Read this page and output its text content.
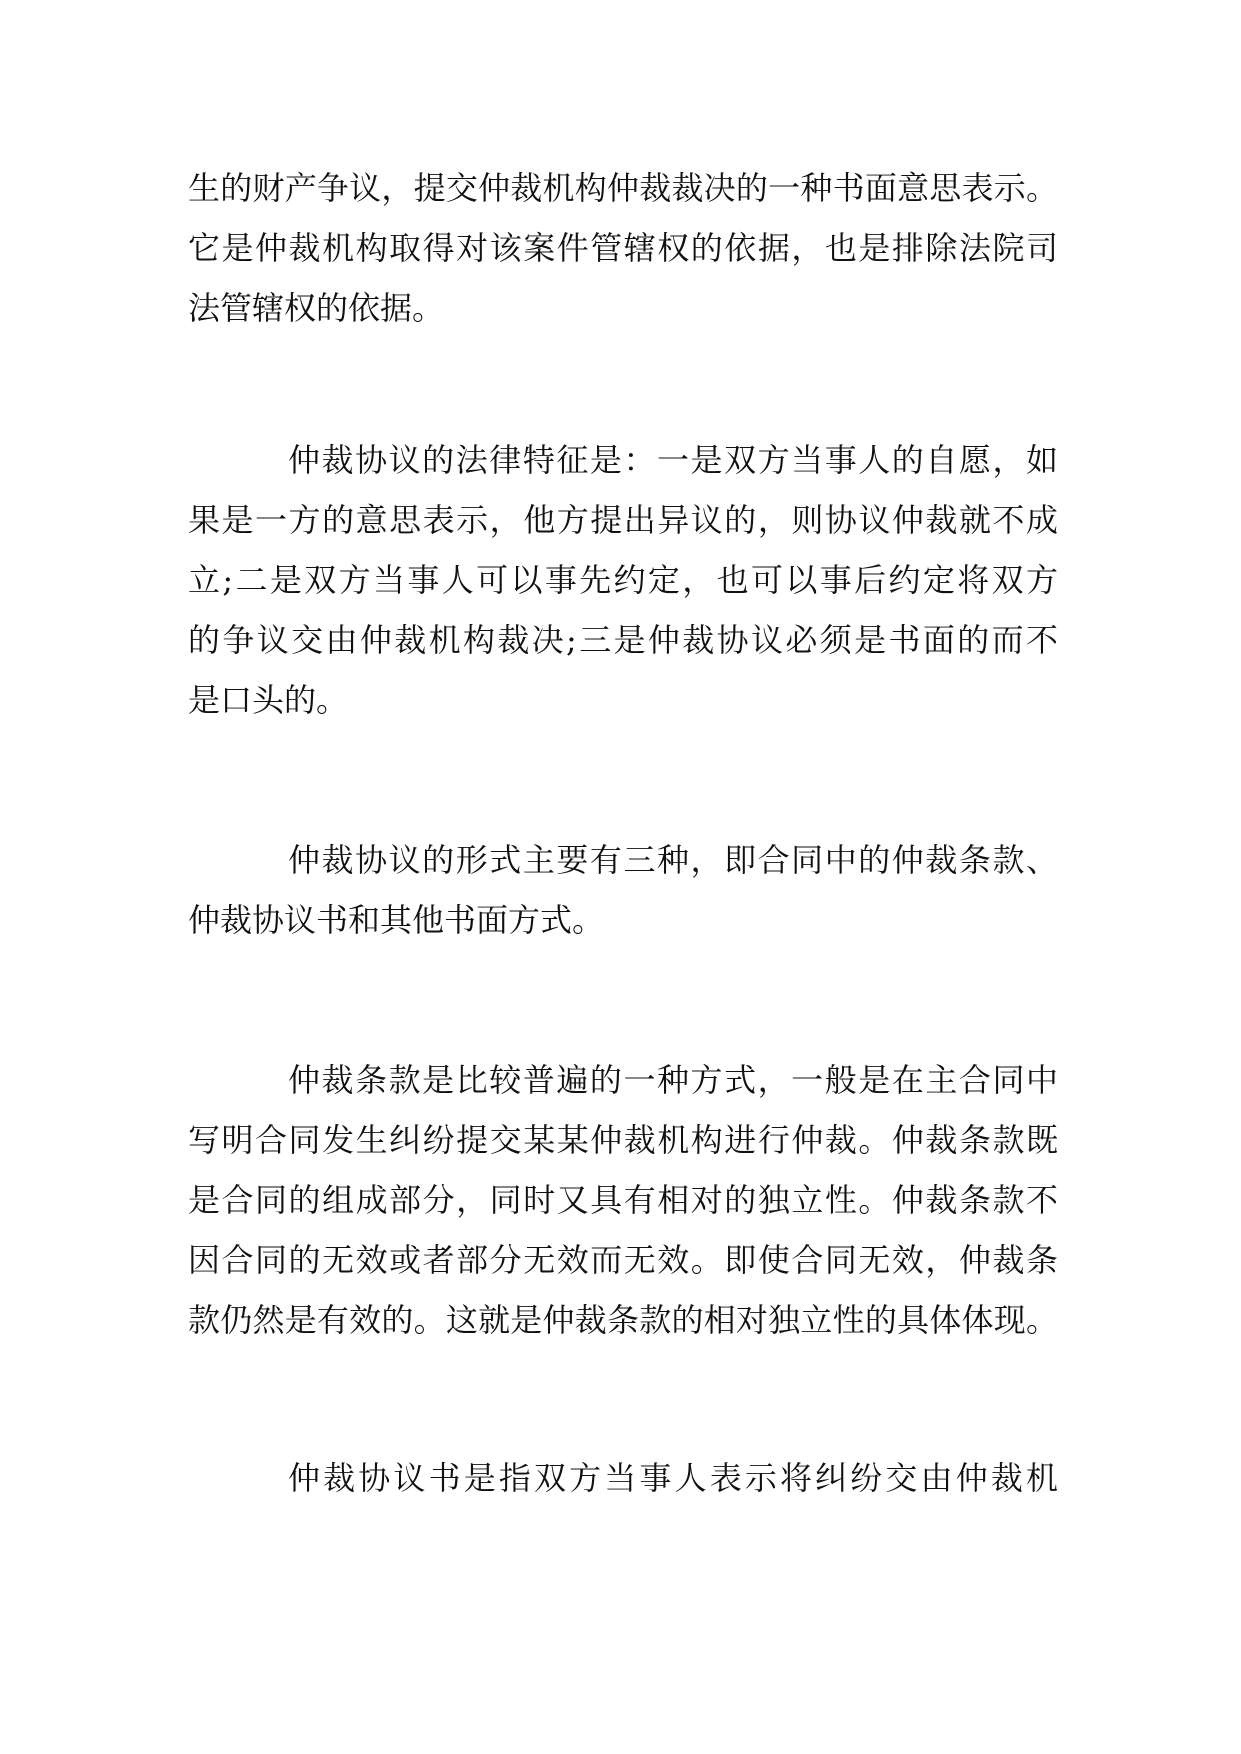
生的财产争议，提交仲裁机构仲裁裁决的一种书面意思表示。
它是仲裁机构取得对该案件管辖权的依据，也是排除法院司
法管辖权的依据。
仲裁协议的法律特征是：一是双方当事人的自愿，如
果是一方的意思表示，他方提出异议的，则协议仲裁就不成
立;二是双方当事人可以事先约定，也可以事后约定将双方
的争议交由仲裁机构裁决;三是仲裁协议必须是书面的而不
是口头的。
仲裁协议的形式主要有三种，即合同中的仲裁条款、
仲裁协议书和其他书面方式。
仲裁条款是比较普遍的一种方式，一般是在主合同中
写明合同发生纠纷提交某某仲裁机构进行仲裁。仲裁条款既
是合同的组成部分，同时又具有相对的独立性。仲裁条款不
因合同的无效或者部分无效而无效。即使合同无效，仲裁条
款仍然是有效的。这就是仲裁条款的相对独立性的具体体现。
仲裁协议书是指双方当事人表示将纠纷交由仲裁机
